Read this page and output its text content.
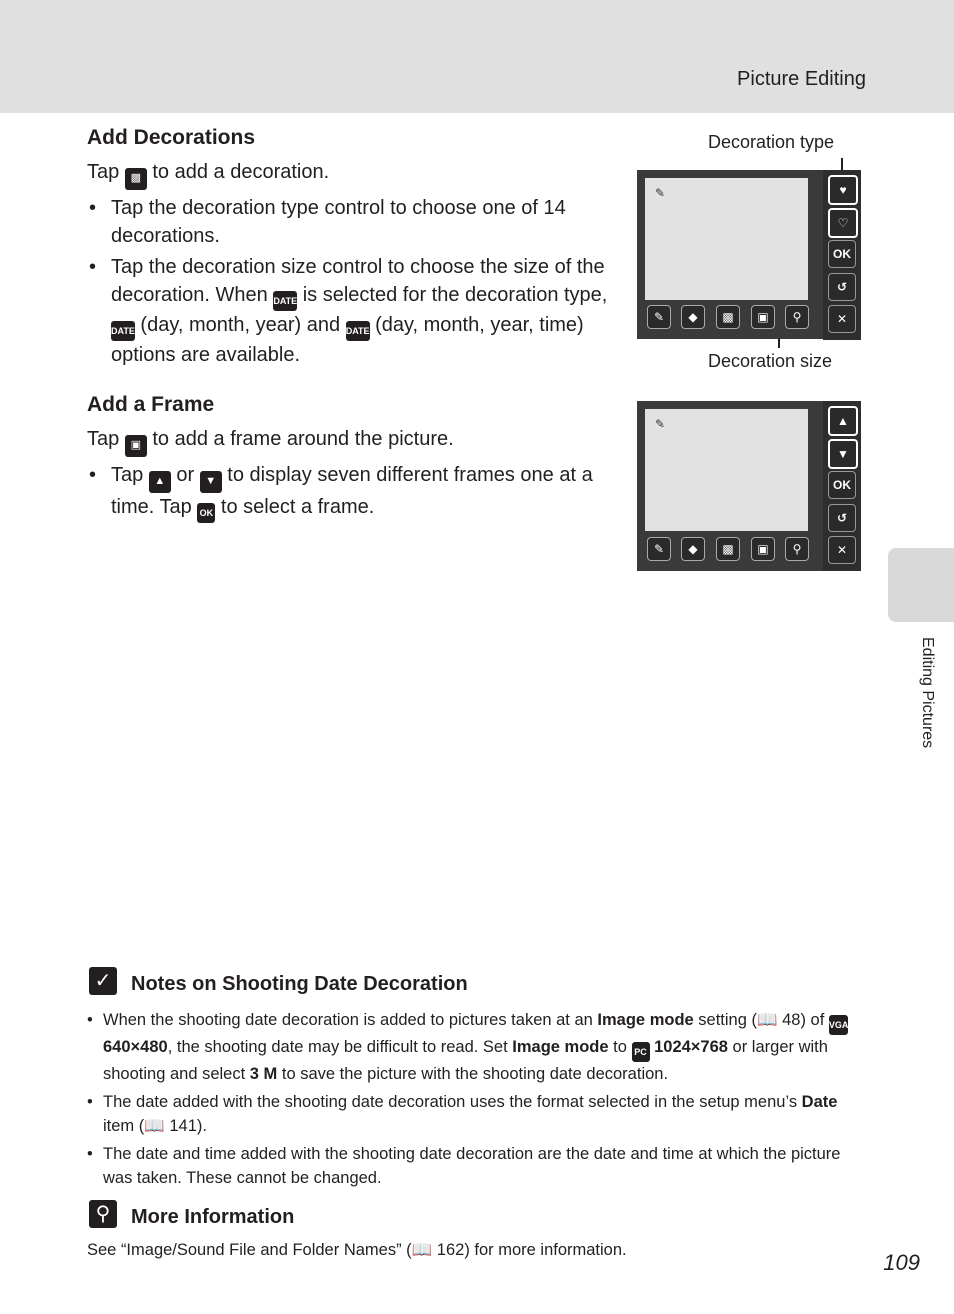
Picture Editing
Editing Pictures
Add Decorations

Tap ▩ to add a decoration.

• Tap the decoration type control to choose one of 14 decorations.
• Tap the decoration size control to choose the size of the decoration. When DATE is selected for the decoration type, DATE (day, month, year) and DATE (day, month, year, time) options are available.
Decoration type
Decoration size
✎
✎	◆	▩	▣	⚲
♥
♡
OK
↺
✕
Add a Frame

Tap ▣ to add a frame around the picture.

• Tap ▲ or ▼ to display seven different frames one at a time. Tap OK to select a frame.
✎
✎	◆	▩	▣	⚲
▲
▼
OK
↺
✕
✓ Notes on Shooting Date Decoration
• When the shooting date decoration is added to pictures taken at an Image mode setting (📖 48) of VGA 640×480, the shooting date may be difficult to read. Set Image mode to PC 1024×768 or larger with shooting and select 3 M to save the picture with the shooting date decoration.
• The date added with the shooting date decoration uses the format selected in the setup menu’s Date item (📖 141).
• The date and time added with the shooting date decoration are the date and time at which the picture was taken. These cannot be changed.
⚲	More Information
See “Image/Sound File and Folder Names” (📖 162) for more information.	109
